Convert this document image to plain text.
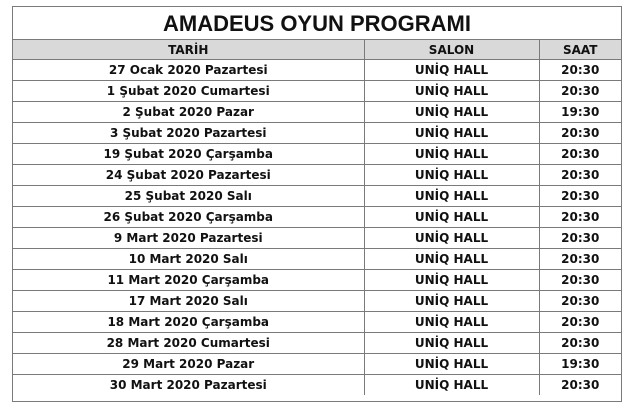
AMADEUS OYUN PROGRAMI
TARİH	SALON	SAAT
27 Ocak 2020 Pazartesi	UNİQ HALL	20:30
1 Şubat 2020 Cumartesi	UNİQ HALL	20:30
2 Şubat 2020 Pazar	UNİQ HALL	19:30
3 Şubat 2020 Pazartesi	UNİQ HALL	20:30
19 Şubat 2020 Çarşamba	UNİQ HALL	20:30
24 Şubat 2020 Pazartesi	UNİQ HALL	20:30
25 Şubat 2020 Salı	UNİQ HALL	20:30
26 Şubat 2020 Çarşamba	UNİQ HALL	20:30
9 Mart 2020 Pazartesi	UNİQ HALL	20:30
10 Mart 2020 Salı	UNİQ HALL	20:30
11 Mart 2020 Çarşamba	UNİQ HALL	20:30
17 Mart 2020 Salı	UNİQ HALL	20:30
18 Mart 2020 Çarşamba	UNİQ HALL	20:30
28 Mart 2020 Cumartesi	UNİQ HALL	20:30
29 Mart 2020 Pazar	UNİQ HALL	19:30
30 Mart 2020 Pazartesi	UNİQ HALL	20:30
